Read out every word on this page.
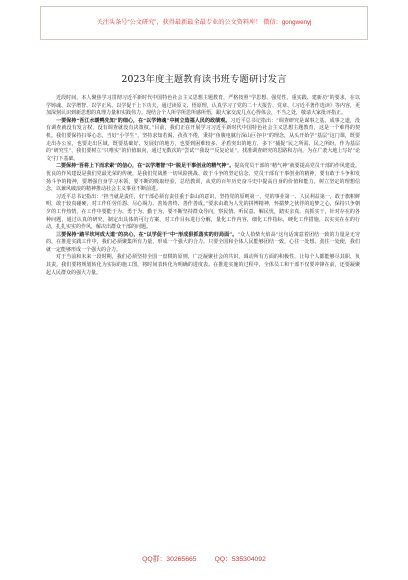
关注头条号“公文研究”，获得最新最全最专业的公文资料库！ 微信：gongwenyj
2023年度主题教育读书班专题研讨发言

近段时间，本人聚焦学习贯彻习近平新时代中国特色社会主义思想主题教育，严格按照“学思想、强党性、重实践、建新功”的要求，在以学铸魂、以学增智、以学正风、以学促干上下功夫，通过读原文、悟原理，认真学习了党的二十大报告、党章、《习近平著作选读》等内容，更加深刻认识到新思想的真理力量和实践伟力。现结合个人所学所思所感所悟，跟大家交流几点心得体会，不当之处，敬请大家批评指正。

一要保持“吾江水暖鸭先知”的细心，在“以学铸魂”中树立造福人民的政绩观。习近平总书记指出：“调查研究是谋事之基、成事之道，没有调查就没有发言权，没有调查就没有决策权。”目前，我们正在开展学习习近平新时代中国特色社会主义思想主题教育，这是一个难得的契机。我们要保持扫零心态，当好“小学生”，坚持求知若渴、孜孜不倦，秉持“鱼腹电腻行深山巨谷中”的理念，从头开始学“基层”这门课，既要走出办公室，也要走出区域，既要基础好、发展好的地方，也要到困难较多、矛盾突出的地方，多下“捕捉”民之所需、民之所盼。作为基层的“研究生”，我们要树立“只唯实”的价值取向，通过无数次的“尝试”“我设”“反复论证”，找准调查研究的思路和方向，为在广袤大地上写好“论文”打下基础。

二要保持“吾将上下而求索”的信心，在“以学增智”中“脱足干事创业的精气神”。提高党员干部的“精气神”就要提高党员干部的作风建设。优良的作风建设是我们党最光荣的传统，是我们党战胜一切风险挑战、敢于斗争的坚定信念，党员干部有干事创业的精神，要有敢于斗争和发扬斗争的精神，要增强自身学习本领，要不断的吸取经验，总结教训，从党的百年历史奋斗史中提高自身的价值和能力，树立坚定的理想信念，以兼风破浪的精神推动社会主义事业不断前进。

习近平总书记指出：“担当就是责任，好干部必须有责任重于泰山的意识，坚持党的原则第一、党的事业第一、人民利益第一，敢于旗帜鲜明，敢于较真碰硬，对工作任劳任怨、尽心竭力、善始善终、善作善成。”要求由敢为人先的拼博精神，怀揣梦之伙伴的追梦之心，保持只争朝夕的工作热情，在工作中要能于为、勇于为、勤于为，要不断坚持群众导向，察民情、听民意、解民忧，踏实亲真、真抓实干，针对存在的各种问题，通过认真的研究，制定出具体的可行方案，对工作目标进行分解，量化工作内容，细化工作指标，硬化工作措施，以实实在在的行动，扎扎实实的作风，解决出群众干部的问题。

三要保持“踏平坎坷成大道”的决心，在“以学促干”中“形成狠抓落实的好局面”。“众人拾柴火焰高”这句话寓意着团结一致的力量是无穷的。在推进实践工作中，我们必须聚集所有力量，形成一个强大的合力。只要全国和全体人民能够团结一致，心往一处想、劲往一处使，我们就一定能够形成一个强大的合力。

对于当前和未来一段时期，我们必须坚持全国一盘棋的原则，广泛凝聚社会的共识，调动所有方面的积极性，让每个人都能够尽其职、负其责。我们要将规划转化为实际的施工图，将时间表转化为明确的进度表。在推进实施的过程中，全体员工和干部不仅要冲锋在前，还要凝聚起人民群众的强大力量。

QQ群：30265665	QQ：535304092
